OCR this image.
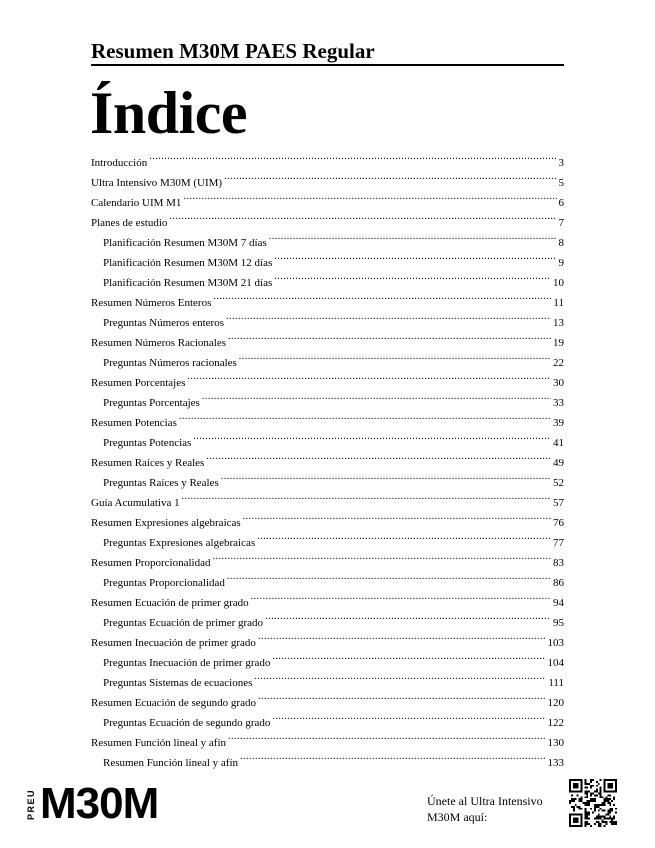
Resumen M30M PAES Regular
Índice
Introducción .....	3
Ultra Intensivo M30M (UIM) .....	5
Calendario UIM M1 .....	6
Planes de estudio .....	7
Planificación Resumen M30M 7 días .....	8
Planificación Resumen M30M 12 días .....	9
Planificación Resumen M30M 21 días .....	10
Resumen Números Enteros .....	11
Preguntas Números enteros .....	13
Resumen Números Racionales .....	19
Preguntas Números racionales .....	22
Resumen Porcentajes .....	30
Preguntas Porcentajes .....	33
Resumen Potencias .....	39
Preguntas Potencias .....	41
Resumen Raíces y Reales .....	49
Preguntas Raíces y Reales .....	52
Guía Acumulativa 1 .....	57
Resumen Expresiones algebraicas .....	76
Preguntas Expresiones algebraicas .....	77
Resumen Proporcionalidad .....	83
Preguntas Proporcionalidad .....	86
Resumen Ecuación de primer grado .....	94
Preguntas Ecuación de primer grado .....	95
Resumen Inecuación de primer grado .....	103
Preguntas Inecuación de primer grado .....	104
Preguntas Sistemas de ecuaciones .....	111
Resumen Ecuación de segundo grado .....	120
Preguntas Ecuación de segundo grado .....	122
Resumen Función lineal y afín .....	130
Resumen Función lineal y afín .....	133
PREU M30M	Únete al Ultra Intensivo M30M aquí:
